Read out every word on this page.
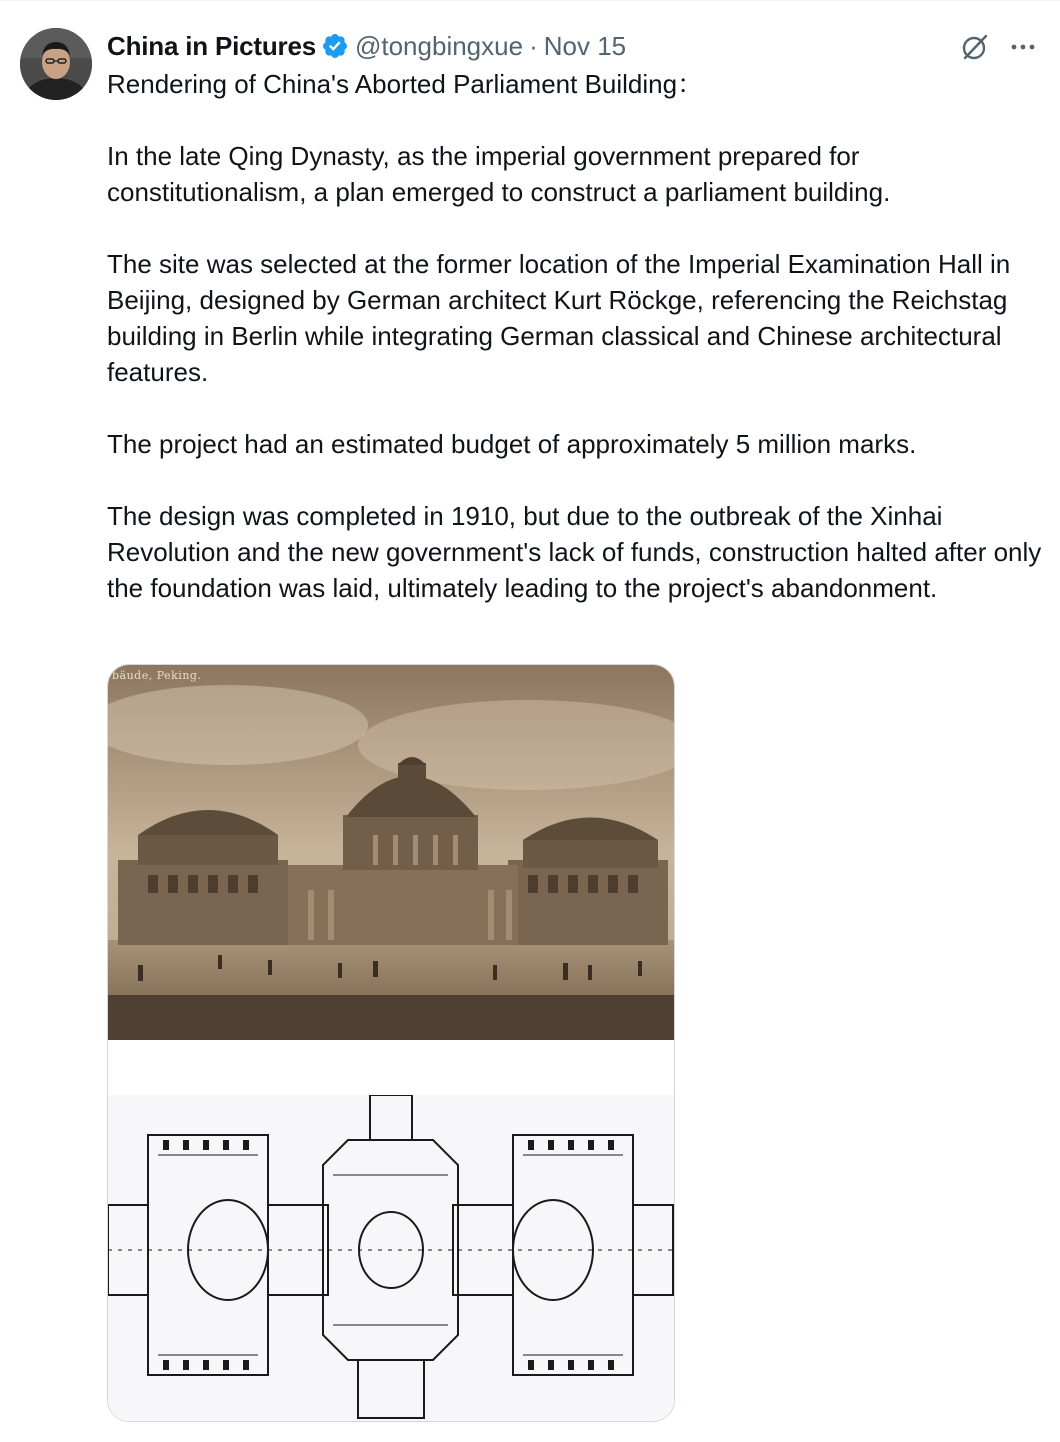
China in Pictures @tongbingxue · Nov 15

Rendering of China's Aborted Parliament Building：

In the late Qing Dynasty, as the imperial government prepared for constitutionalism, a plan emerged to construct a parliament building.

The site was selected at the former location of the Imperial Examination Hall in Beijing, designed by German architect Kurt Röckge, referencing the Reichstag building in Berlin while integrating German classical and Chinese architectural features.

The project had an estimated budget of approximately 5 million marks.

The design was completed in 1910, but due to the outbreak of the Xinhai Revolution and the new government's lack of funds, construction halted after only the foundation was laid, ultimately leading to the project's abandonment.

bäude, Peking.
